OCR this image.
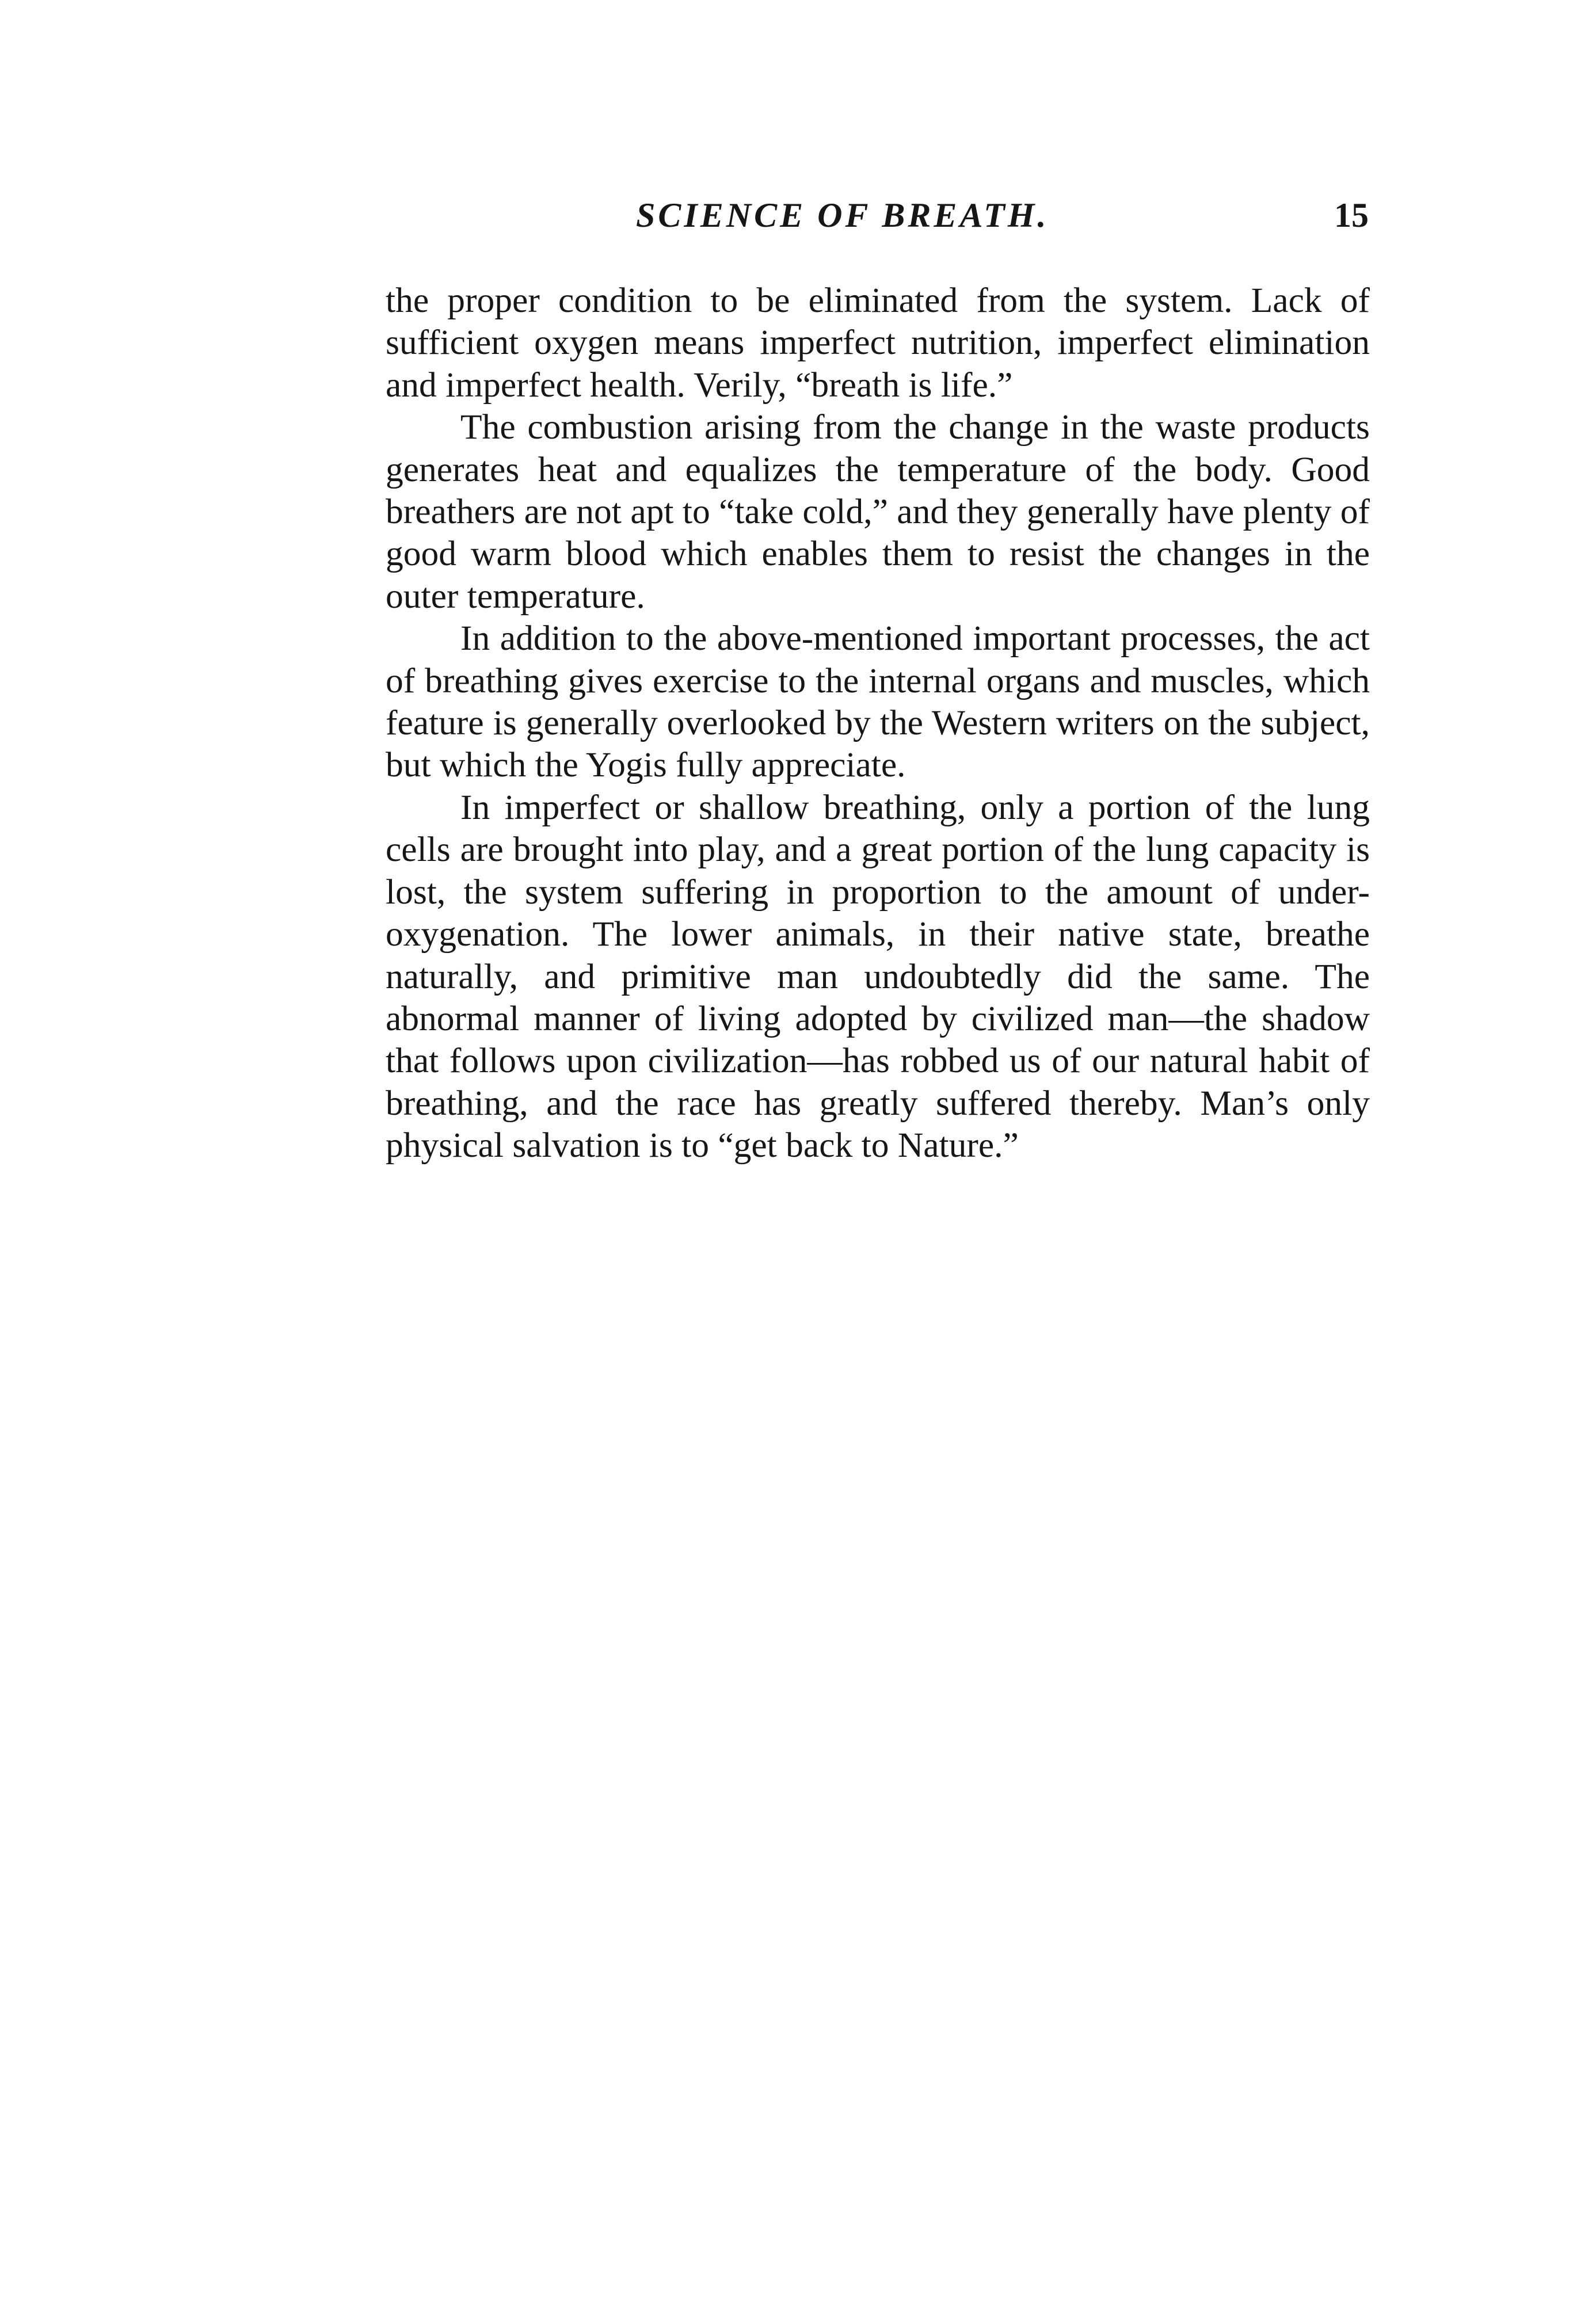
SCIENCE OF BREATH.	15

the proper condition to be eliminated from the system. Lack of sufficient oxygen means imperfect nutrition, imperfect elimination and imperfect health. Verily, “breath is life.”

The combustion arising from the change in the waste products generates heat and equalizes the temperature of the body. Good breathers are not apt to “take cold,” and they generally have plenty of good warm blood which enables them to resist the changes in the outer temperature.

In addition to the above-mentioned important processes, the act of breathing gives exercise to the internal organs and muscles, which feature is generally overlooked by the Western writers on the subject, but which the Yogis fully appreciate.

In imperfect or shallow breathing, only a portion of the lung cells are brought into play, and a great portion of the lung capacity is lost, the system suffering in proportion to the amount of under-oxygenation. The lower animals, in their native state, breathe naturally, and primitive man undoubtedly did the same. The abnormal manner of living adopted by civilized man—the shadow that follows upon civilization—has robbed us of our natural habit of breathing, and the race has greatly suffered thereby. Man’s only physical salvation is to “get back to Nature.”
